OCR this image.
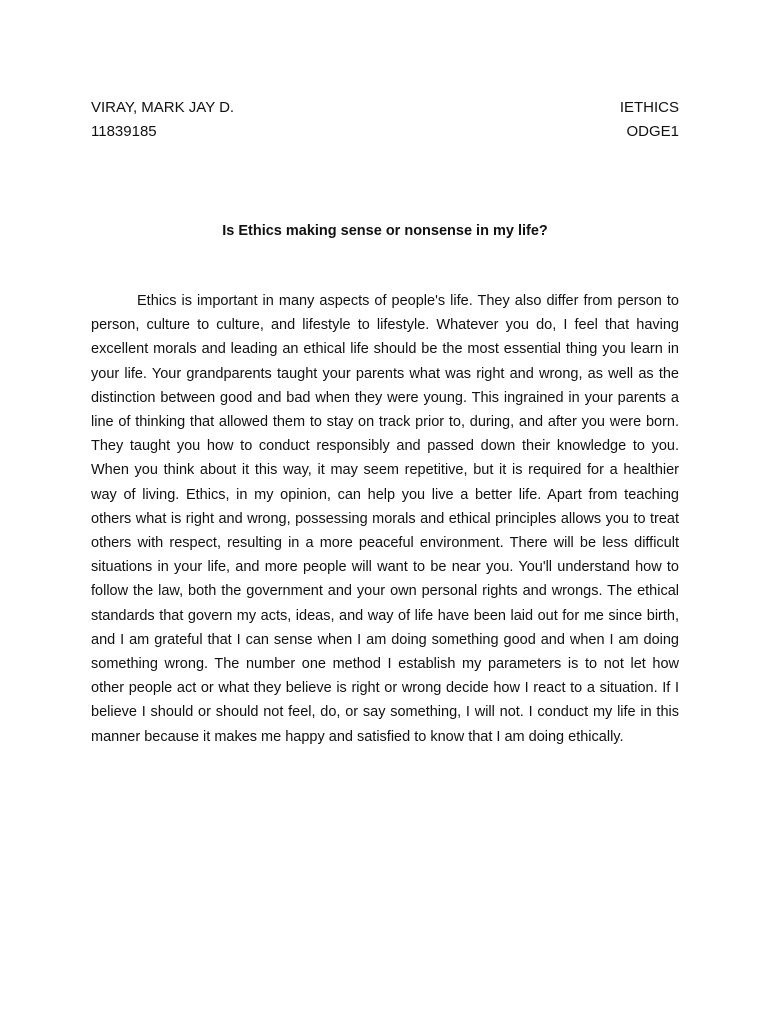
VIRAY, MARK JAY D.	IETHICS
11839185	ODGE1
Is Ethics making sense or nonsense in my life?

Ethics is important in many aspects of people's life. They also differ from person to person, culture to culture, and lifestyle to lifestyle. Whatever you do, I feel that having excellent morals and leading an ethical life should be the most essential thing you learn in your life. Your grandparents taught your parents what was right and wrong, as well as the distinction between good and bad when they were young. This ingrained in your parents a line of thinking that allowed them to stay on track prior to, during, and after you were born. They taught you how to conduct responsibly and passed down their knowledge to you. When you think about it this way, it may seem repetitive, but it is required for a healthier way of living. Ethics, in my opinion, can help you live a better life. Apart from teaching others what is right and wrong, possessing morals and ethical principles allows you to treat others with respect, resulting in a more peaceful environment. There will be less difficult situations in your life, and more people will want to be near you. You'll understand how to follow the law, both the government and your own personal rights and wrongs. The ethical standards that govern my acts, ideas, and way of life have been laid out for me since birth, and I am grateful that I can sense when I am doing something good and when I am doing something wrong. The number one method I establish my parameters is to not let how other people act or what they believe is right or wrong decide how I react to a situation. If I believe I should or should not feel, do, or say something, I will not. I conduct my life in this manner because it makes me happy and satisfied to know that I am doing ethically.
